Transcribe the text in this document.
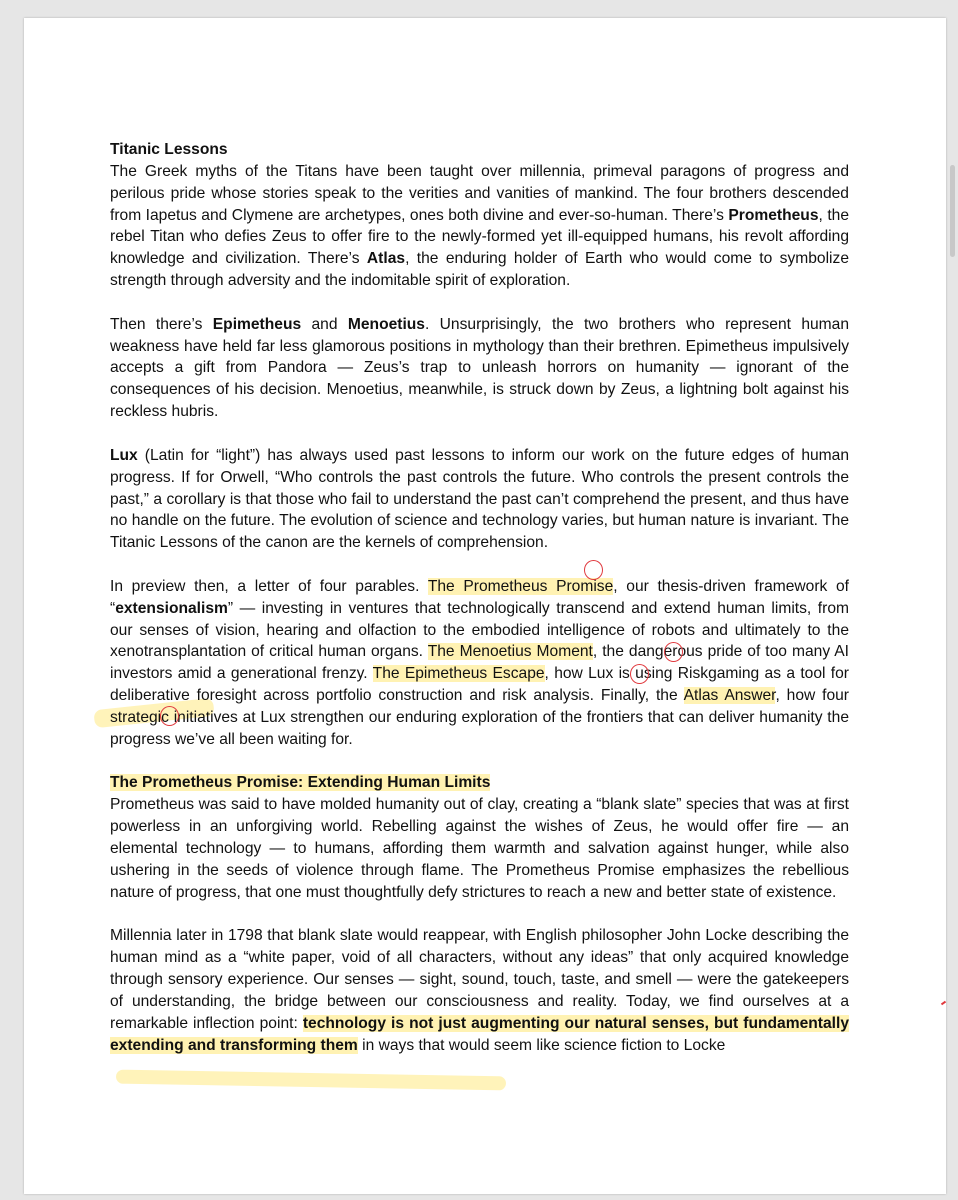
Titanic Lessons

The Greek myths of the Titans have been taught over millennia, primeval paragons of progress and perilous pride whose stories speak to the verities and vanities of mankind. The four brothers descended from Iapetus and Clymene are archetypes, ones both divine and ever-so-human. There’s Prometheus, the rebel Titan who defies Zeus to offer fire to the newly-formed yet ill-equipped humans, his revolt affording knowledge and civilization. There’s Atlas, the enduring holder of Earth who would come to symbolize strength through adversity and the indomitable spirit of exploration.

Then there’s Epimetheus and Menoetius. Unsurprisingly, the two brothers who represent human weakness have held far less glamorous positions in mythology than their brethren. Epimetheus impulsively accepts a gift from Pandora — Zeus’s trap to unleash horrors on humanity — ignorant of the consequences of his decision. Menoetius, meanwhile, is struck down by Zeus, a lightning bolt against his reckless hubris.

Lux (Latin for “light”) has always used past lessons to inform our work on the future edges of human progress. If for Orwell, “Who controls the past controls the future. Who controls the present controls the past,” a corollary is that those who fail to understand the past can’t comprehend the present, and thus have no handle on the future. The evolution of science and technology varies, but human nature is invariant. The Titanic Lessons of the canon are the kernels of comprehension.

In preview then, a letter of four parables. The Prometheus Promise, our thesis-driven framework of “extensionalism” — investing in ventures that technologically transcend and extend human limits, from our senses of vision, hearing and olfaction to the embodied intelligence of robots and ultimately to the xenotransplantation of critical human organs. The Menoetius Moment, the dangerous pride of too many AI investors amid a generational frenzy. The Epimetheus Escape, how Lux is using Riskgaming as a tool for deliberative foresight across portfolio construction and risk analysis. Finally, the Atlas Answer, how four strategic initiatives at Lux strengthen our enduring exploration of the frontiers that can deliver humanity the progress we’ve all been waiting for.

The Prometheus Promise: Extending Human Limits

Prometheus was said to have molded humanity out of clay, creating a “blank slate” species that was at first powerless in an unforgiving world. Rebelling against the wishes of Zeus, he would offer fire — an elemental technology — to humans, affording them warmth and salvation against hunger, while also ushering in the seeds of violence through flame. The Prometheus Promise emphasizes the rebellious nature of progress, that one must thoughtfully defy strictures to reach a new and better state of existence.

Millennia later in 1798 that blank slate would reappear, with English philosopher John Locke describing the human mind as a “white paper, void of all characters, without any ideas” that only acquired knowledge through sensory experience. Our senses — sight, sound, touch, taste, and smell — were the gatekeepers of understanding, the bridge between our consciousness and reality. Today, we find ourselves at a remarkable inflection point: technology is not just augmenting our natural senses, but fundamentally extending and transforming them in ways that would seem like science fiction to Locke
